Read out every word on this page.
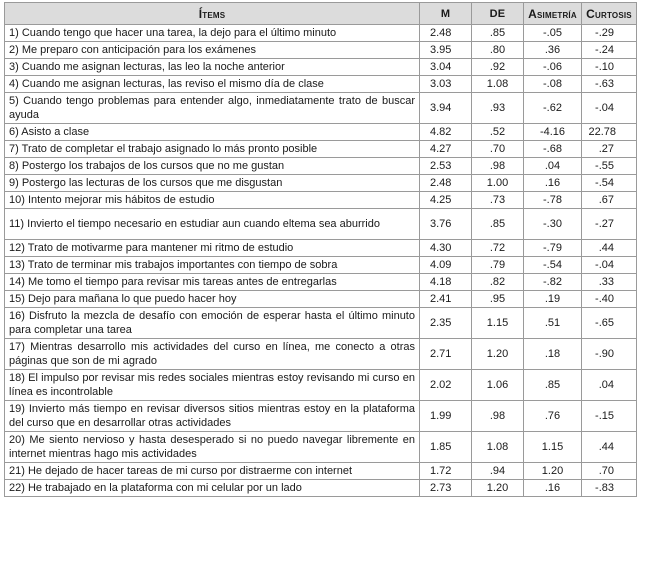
Ítems	M	DE	Asimetría	Curtosis
1) Cuando tengo que hacer una tarea, la dejo para el último minuto	2.48	.85	-.05	-.29
2) Me preparo con anticipación para los exámenes	3.95	.80	.36	-.24
3) Cuando me asignan lecturas, las leo la noche anterior	3.04	.92	-.06	-.10
4) Cuando me asignan lecturas, las reviso el mismo día de clase	3.03	1.08	-.08	-.63
5) Cuando tengo problemas para entender algo, inmediatamente trato de buscar ayuda	3.94	.93	-.62	-.04
6) Asisto a clase	4.82	.52	-4.16	22.78
7) Trato de completar el trabajo asignado lo más pronto posible	4.27	.70	-.68	.27
8) Postergo los trabajos de los cursos que no me gustan	2.53	.98	.04	-.55
9) Postergo las lecturas de los cursos que me disgustan	2.48	1.00	.16	-.54
10) Intento mejorar mis hábitos de estudio	4.25	.73	-.78	.67
11) Invierto el tiempo necesario en estudiar aun cuando eltema sea aburrido	3.76	.85	-.30	-.27
12) Trato de motivarme para mantener mi ritmo de estudio	4.30	.72	-.79	.44
13) Trato de terminar mis trabajos importantes con tiempo de sobra	4.09	.79	-.54	-.04
14) Me tomo el tiempo para revisar mis tareas antes de entregarlas	4.18	.82	-.82	.33
15) Dejo para mañana lo que puedo hacer hoy	2.41	.95	.19	-.40
16) Disfruto la mezcla de desafío con emoción de esperar hasta el último minuto para completar una tarea	2.35	1.15	.51	-.65
17) Mientras desarrollo mis actividades del curso en línea, me conecto a otras páginas que son de mi agrado	2.71	1.20	.18	-.90
18) El impulso por revisar mis redes sociales mientras estoy revisando mi curso en línea es incontrolable	2.02	1.06	.85	.04
19) Invierto más tiempo en revisar diversos sitios mientras estoy en la plataforma del curso que en desarrollar otras actividades	1.99	.98	.76	-.15
20) Me siento nervioso y hasta desesperado si no puedo navegar libremente en internet mientras hago mis actividades	1.85	1.08	1.15	.44
21) He dejado de hacer tareas de mi curso por distraerme con internet	1.72	.94	1.20	.70
22) He trabajado en la plataforma con mi celular por un lado	2.73	1.20	.16	-.83
